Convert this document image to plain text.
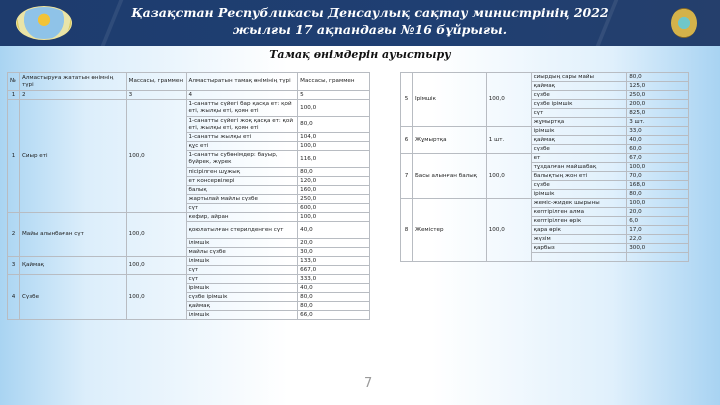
Қазақстан Республикасы Денсаулық сақтау министрінің 2022
жылғы 17 ақпандағы №16 бұйрығы.
Тамақ өнімдерін ауыстыру
№	Алмастыруға жататын өнімнің түрі	Массасы, граммен	Алмастыратын тамақ өнімінің түрі	Массасы, граммен
1	2	3	4	5
1	Сиыр еті	100,0	1-санатты сүйегі бар қасқа ет: қой еті, жылқы еті, қоян еті	100,0
			1-санатты сүйегі жоқ қасқа ет: қой еті, жылқы еті, қоян еті	80,0
			1-санатты жылқы еті	104,0
			құс еті	100,0
			1-санатты субөнімдер: бауыр, бүйрек, жүрек	116,0
			пісірілген шұжық	80,0
			ет консервілері	120,0
			балық	160,0
			жартылай майлы сүзбе	250,0
			сүт	600,0
2	Майы алынбаған сүт	100,0	кефир, айран	100,0
			қоюлатылған стерилденген сүт	40,0
			ілімшік	20,0
			майлы сүзбе	30,0
3	Қаймақ	100,0	ілімшік	133,0
			сүт	667,0
4	Сүзбе	100,0	сүт	333,0
			ірімшік	40,0
			сүзбе ірімшік	80,0
			қаймақ	80,0
			ілімшік	66,0
5	Ірімшік	100,0	сиырдың сары майы	80,0
			қаймақ	125,0
			сүзбе	250,0
			сүзбе ірімшік	200,0
			сүт	825,0
			жұмыртқа	3 шт.
6	Жұмыртқа	1 шт.	ірімшік	33,0
			қаймақ	40,0
			сүзбе	60,0
7	Басы алынған балық	100,0	ет	67,0
			тұздалған майшабақ	100,0
			балықтың жон еті	70,0
			сүзбе	168,0
			ірімшік	80,0
8	Жемістер	100,0	жеміс-жидек шырыны	100,0
			кептірілген алма	20,0
			кептірілген өрік	6,0
			қара өрік	17,0
			жүзім	22,0
			қарбыз	300,0

7
